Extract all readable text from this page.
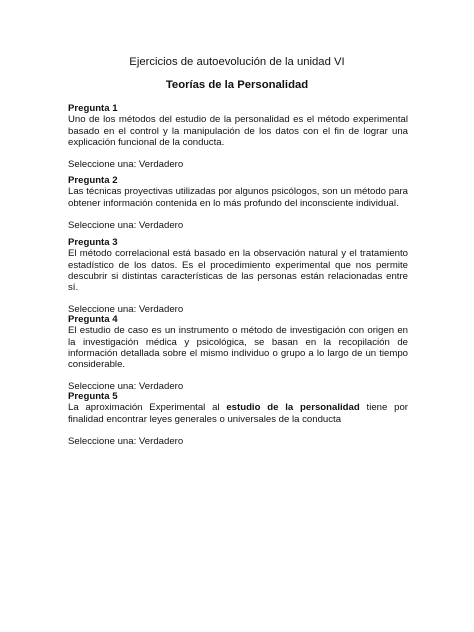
Ejercicios de autoevolución de la unidad VI
Teorías de la Personalidad
Pregunta 1
Uno de los métodos del estudio de la personalidad es el método experimental basado en el control y la manipulación de los datos con el fin de lograr una explicación funcional de la conducta.
Seleccione una: Verdadero
Pregunta 2
Las técnicas proyectivas utilizadas por algunos psicólogos, son un método para obtener información contenida en lo más profundo del inconsciente individual.
Seleccione una: Verdadero
Pregunta 3
El método correlacional está basado en la observación natural y el tratamiento estadístico de los datos. Es el procedimiento experimental que nos permite descubrir si distintas características de las personas están relacionadas entre sí.
Seleccione una: Verdadero
Pregunta 4
El estudio de caso es un instrumento o método de investigación con origen en la investigación médica y psicológica, se basan en la recopilación de información detallada sobre el mismo individuo o grupo a lo largo de un tiempo considerable.
Seleccione una: Verdadero
Pregunta 5
La aproximación Experimental al estudio de la personalidad tiene por finalidad encontrar leyes generales o universales de la conducta
Seleccione una: Verdadero
